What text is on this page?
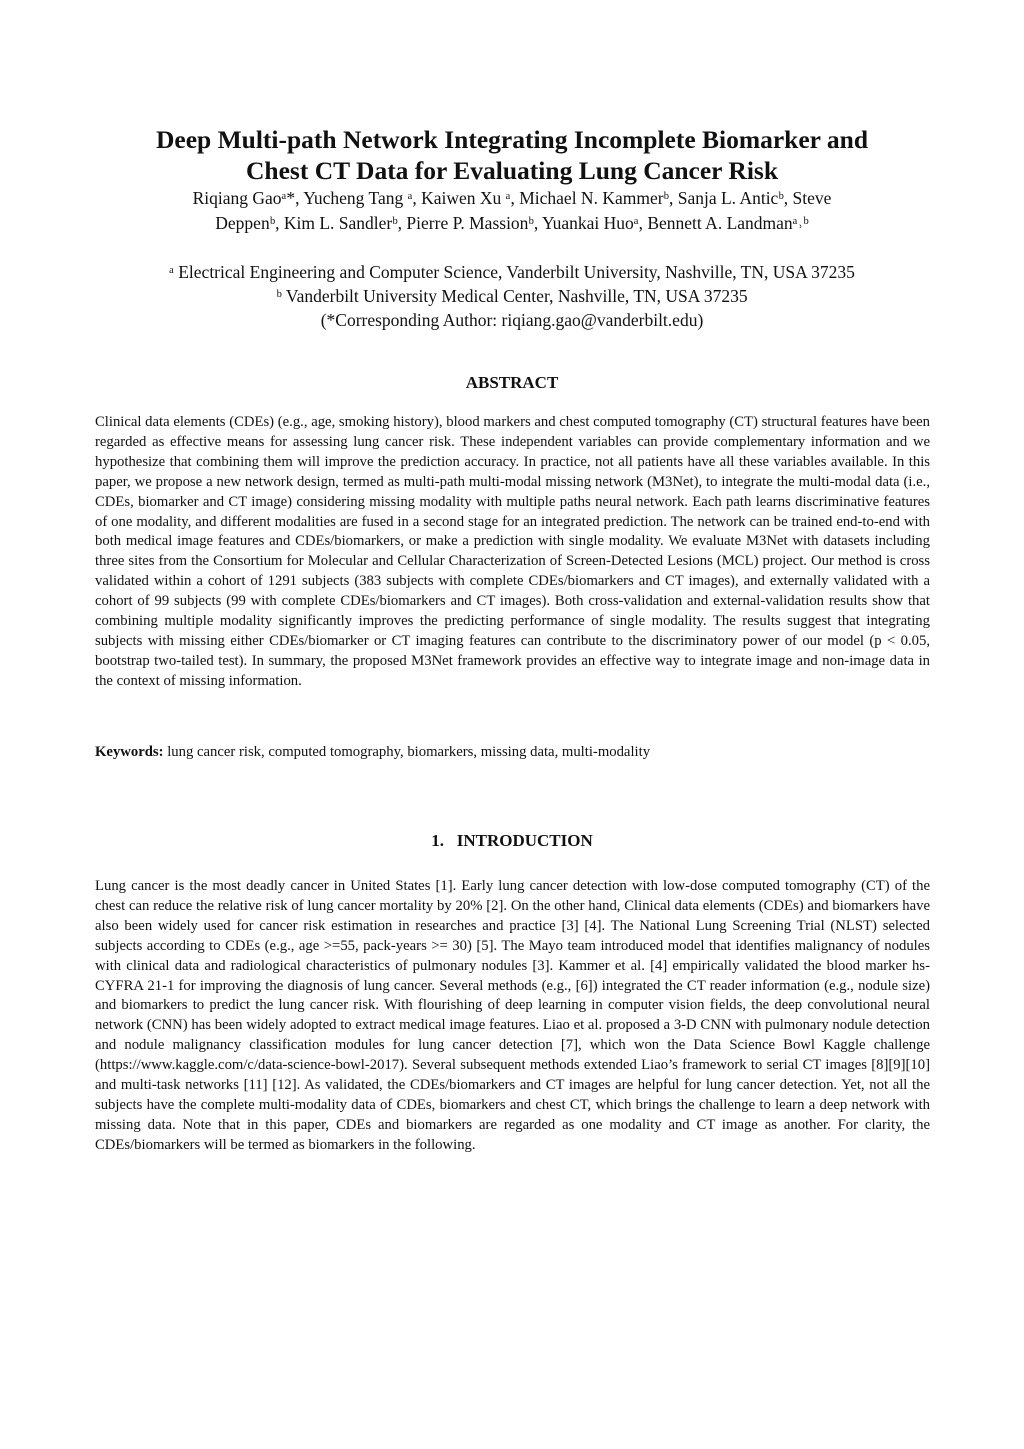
Deep Multi-path Network Integrating Incomplete Biomarker and
Chest CT Data for Evaluating Lung Cancer Risk
Riqiang Gaoᵃ*, Yucheng Tang ᵃ, Kaiwen Xu ᵃ, Michael N. Kammerᵇ, Sanja L. Anticᵇ, Steve
Deppenᵇ, Kim L. Sandlerᵇ, Pierre P. Massionᵇ, Yuankai Huoᵃ, Bennett A. Landmanᵃ˒ᵇ
ᵃ Electrical Engineering and Computer Science, Vanderbilt University, Nashville, TN, USA 37235
ᵇ Vanderbilt University Medical Center, Nashville, TN, USA 37235
(*Corresponding Author: riqiang.gao@vanderbilt.edu)
ABSTRACT

Clinical data elements (CDEs) (e.g., age, smoking history), blood markers and chest computed tomography (CT) structural features have been regarded as effective means for assessing lung cancer risk. These independent variables can provide complementary information and we hypothesize that combining them will improve the prediction accuracy. In practice, not all patients have all these variables available. In this paper, we propose a new network design, termed as multi-path multi-modal missing network (M3Net), to integrate the multi-modal data (i.e., CDEs, biomarker and CT image) considering missing modality with multiple paths neural network. Each path learns discriminative features of one modality, and different modalities are fused in a second stage for an integrated prediction. The network can be trained end-to-end with both medical image features and CDEs/biomarkers, or make a prediction with single modality. We evaluate M3Net with datasets including three sites from the Consortium for Molecular and Cellular Characterization of Screen-Detected Lesions (MCL) project. Our method is cross validated within a cohort of 1291 subjects (383 subjects with complete CDEs/biomarkers and CT images), and externally validated with a cohort of 99 subjects (99 with complete CDEs/biomarkers and CT images). Both cross-validation and external-validation results show that combining multiple modality significantly improves the predicting performance of single modality. The results suggest that integrating subjects with missing either CDEs/biomarker or CT imaging features can contribute to the discriminatory power of our model (p < 0.05, bootstrap two-tailed test). In summary, the proposed M3Net framework provides an effective way to integrate image and non-image data in the context of missing information.

Keywords: lung cancer risk, computed tomography, biomarkers, missing data, multi-modality

1.   INTRODUCTION

Lung cancer is the most deadly cancer in United States [1]. Early lung cancer detection with low-dose computed tomography (CT) of the chest can reduce the relative risk of lung cancer mortality by 20% [2]. On the other hand, Clinical data elements (CDEs) and biomarkers have also been widely used for cancer risk estimation in researches and practice [3] [4]. The National Lung Screening Trial (NLST) selected subjects according to CDEs (e.g., age >=55, pack-years >= 30) [5]. The Mayo team introduced model that identifies malignancy of nodules with clinical data and radiological characteristics of pulmonary nodules [3]. Kammer et al. [4] empirically validated the blood marker hs-CYFRA 21-1 for improving the diagnosis of lung cancer. Several methods (e.g., [6]) integrated the CT reader information (e.g., nodule size) and biomarkers to predict the lung cancer risk. With flourishing of deep learning in computer vision fields, the deep convolutional neural network (CNN) has been widely adopted to extract medical image features. Liao et al. proposed a 3-D CNN with pulmonary nodule detection and nodule malignancy classification modules for lung cancer detection [7], which won the Data Science Bowl Kaggle challenge (https://www.kaggle.com/c/data-science-bowl-2017). Several subsequent methods extended Liao’s framework to serial CT images [8][9][10] and multi-task networks [11] [12]. As validated, the CDEs/biomarkers and CT images are helpful for lung cancer detection. Yet, not all the subjects have the complete multi-modality data of CDEs, biomarkers and chest CT, which brings the challenge to learn a deep network with missing data. Note that in this paper, CDEs and biomarkers are regarded as one modality and CT image as another. For clarity, the CDEs/biomarkers will be termed as biomarkers in the following.
